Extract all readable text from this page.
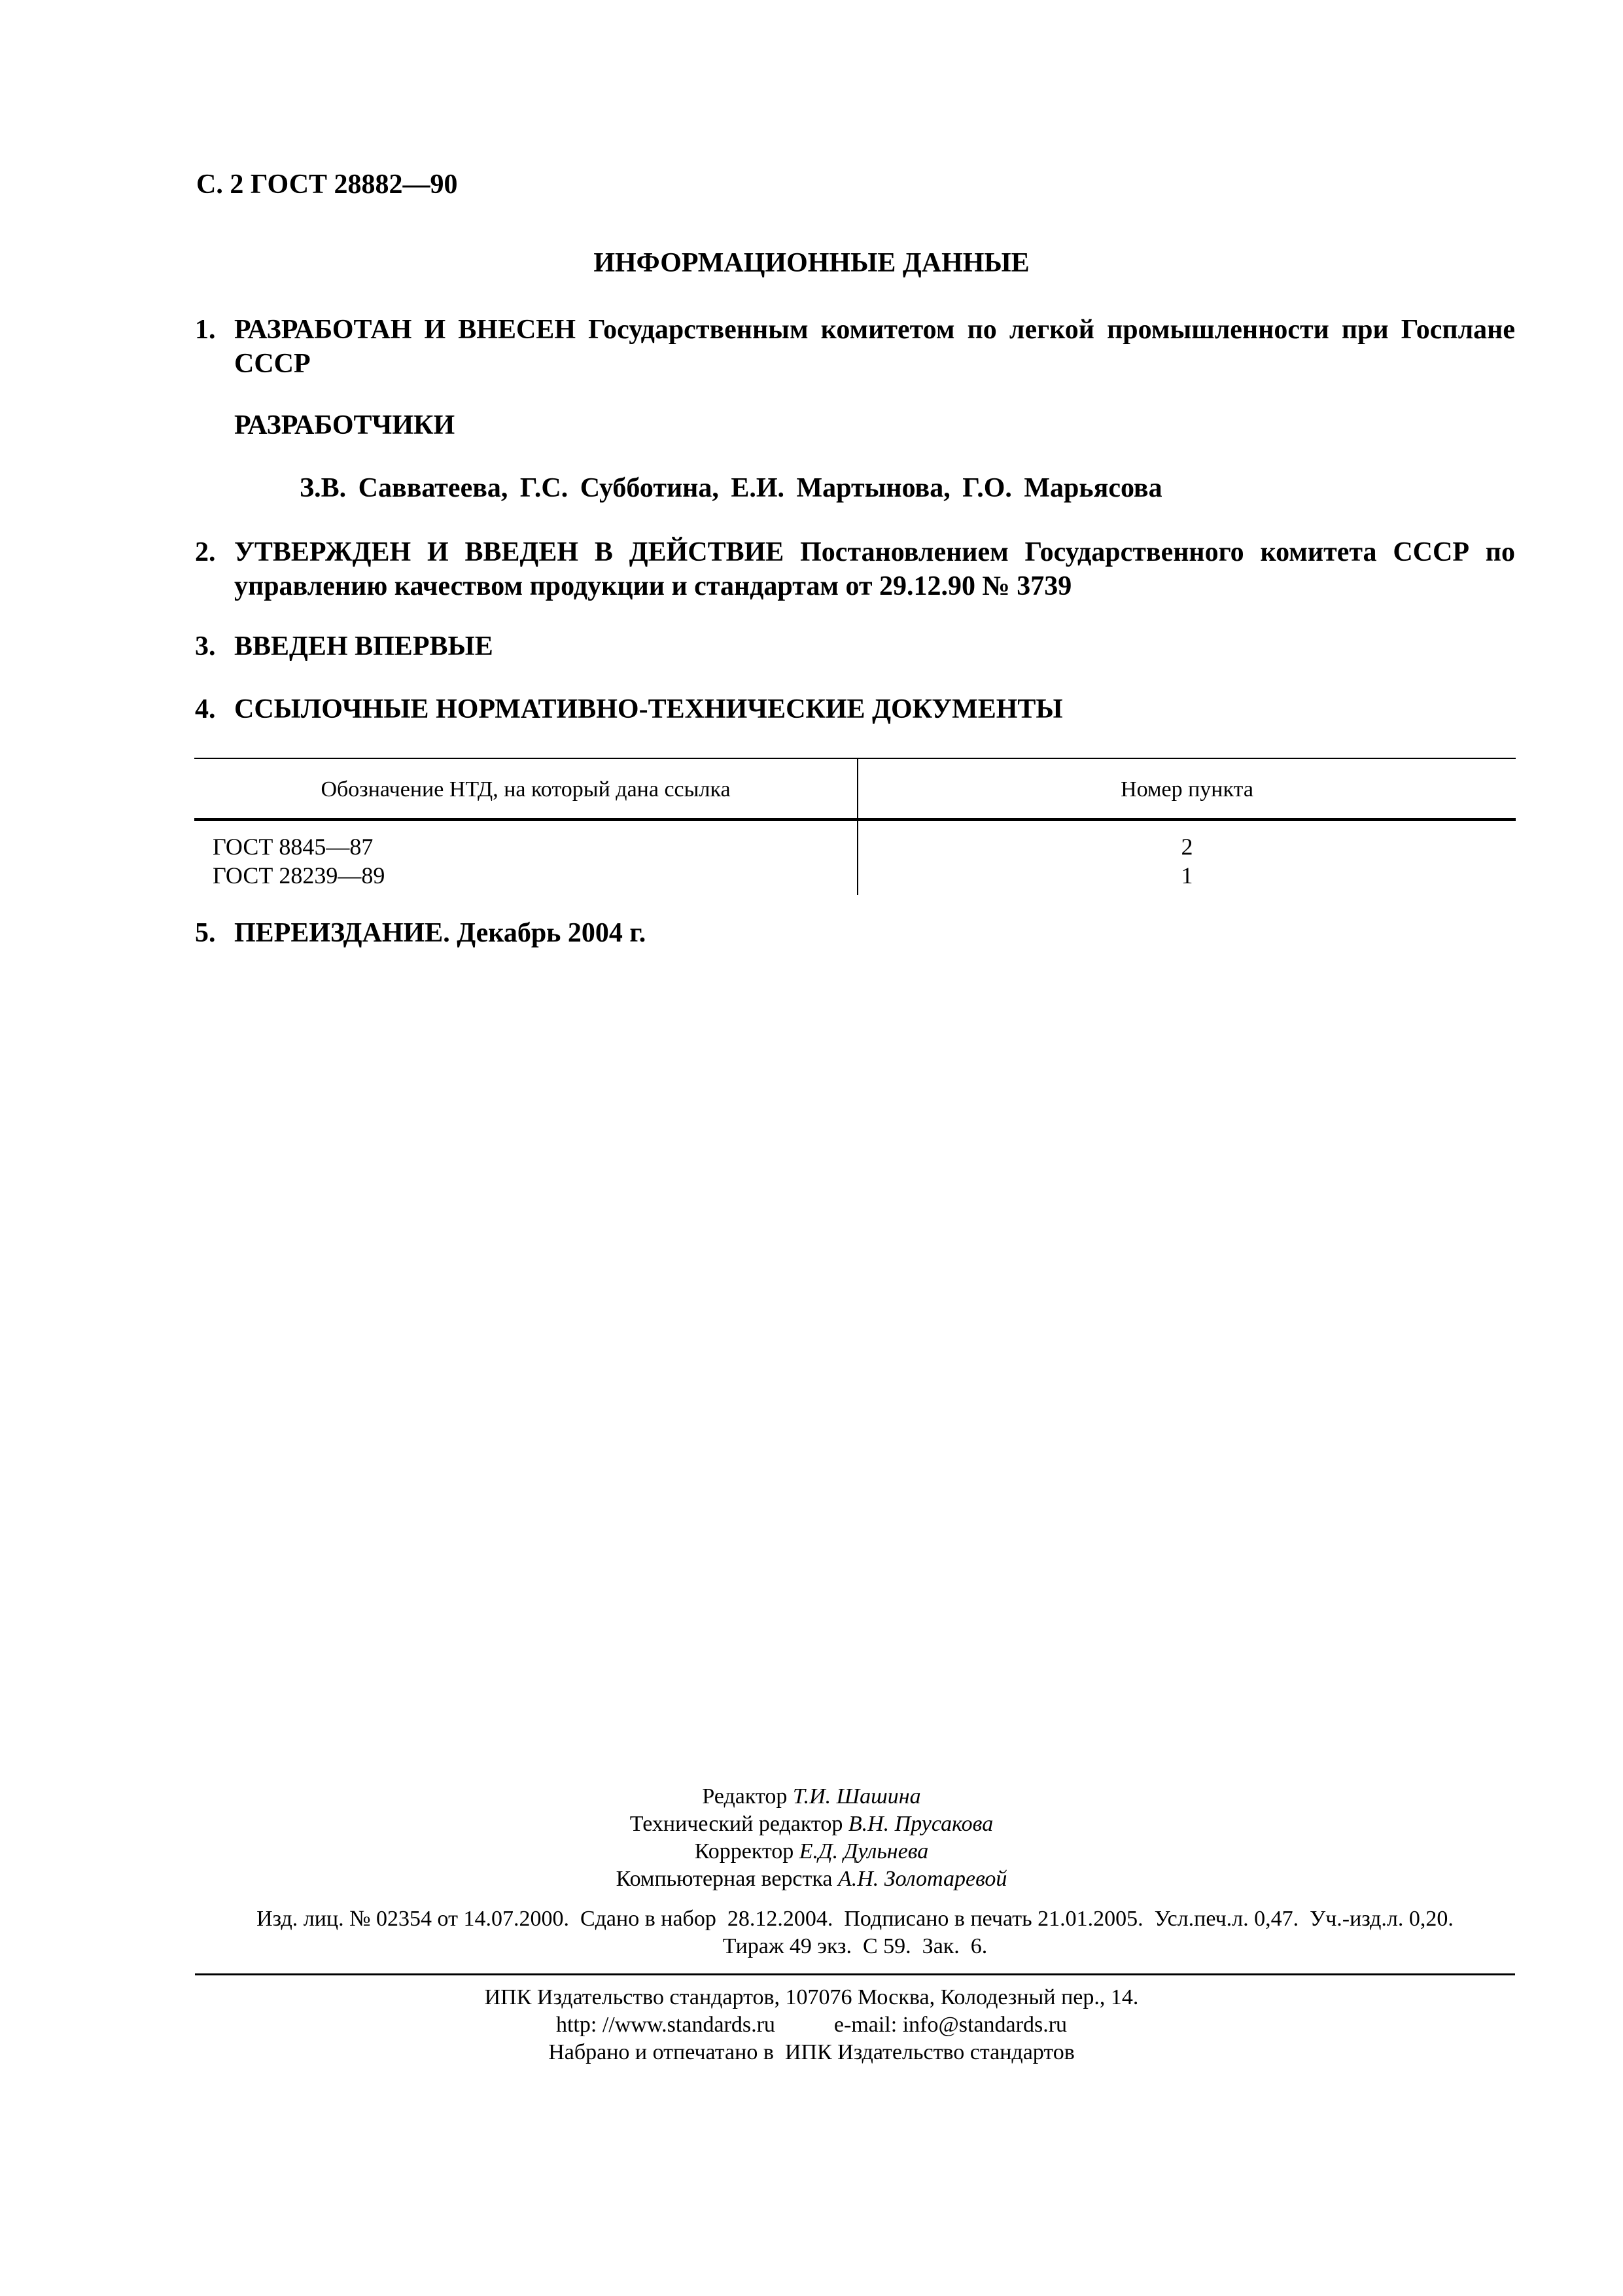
С. 2 ГОСТ 28882—90
ИНФОРМАЦИОННЫЕ ДАННЫЕ
1. РАЗРАБОТАН И ВНЕСЕН Государственным комитетом по легкой промышленности при Госплане СССР
РАЗРАБОТЧИКИ
З.В. Савватеева, Г.С. Субботина, Е.И. Мартынова, Г.О. Марьясова
2. УТВЕРЖДЕН И ВВЕДЕН В ДЕЙСТВИЕ Постановлением Государственного комитета СССР по управлению качеством продукции и стандартам от 29.12.90 № 3739
3. ВВЕДЕН ВПЕРВЫЕ
4. ССЫЛОЧНЫЕ НОРМАТИВНО-ТЕХНИЧЕСКИЕ ДОКУМЕНТЫ
Обозначение НТД, на который дана ссылка	Номер пункта
ГОСТ 8845—87	2
ГОСТ 28239—89	1
5. ПЕРЕИЗДАНИЕ. Декабрь 2004 г.
Редактор Т.И. Шашина
Технический редактор В.Н. Прусакова
Корректор Е.Д. Дульнева
Компьютерная верстка А.Н. Золотаревой
Изд. лиц. № 02354 от 14.07.2000.  Сдано в набор  28.12.2004.  Подписано в печать 21.01.2005.  Усл.печ.л. 0,47.  Уч.-изд.л. 0,20.
Тираж 49 экз.  С 59.  Зак.  6.
ИПК Издательство стандартов, 107076 Москва, Колодезный пер., 14.
http: //www.standards.ru	e-mail: info@standards.ru
Набрано и отпечатано в  ИПК Издательство стандартов
